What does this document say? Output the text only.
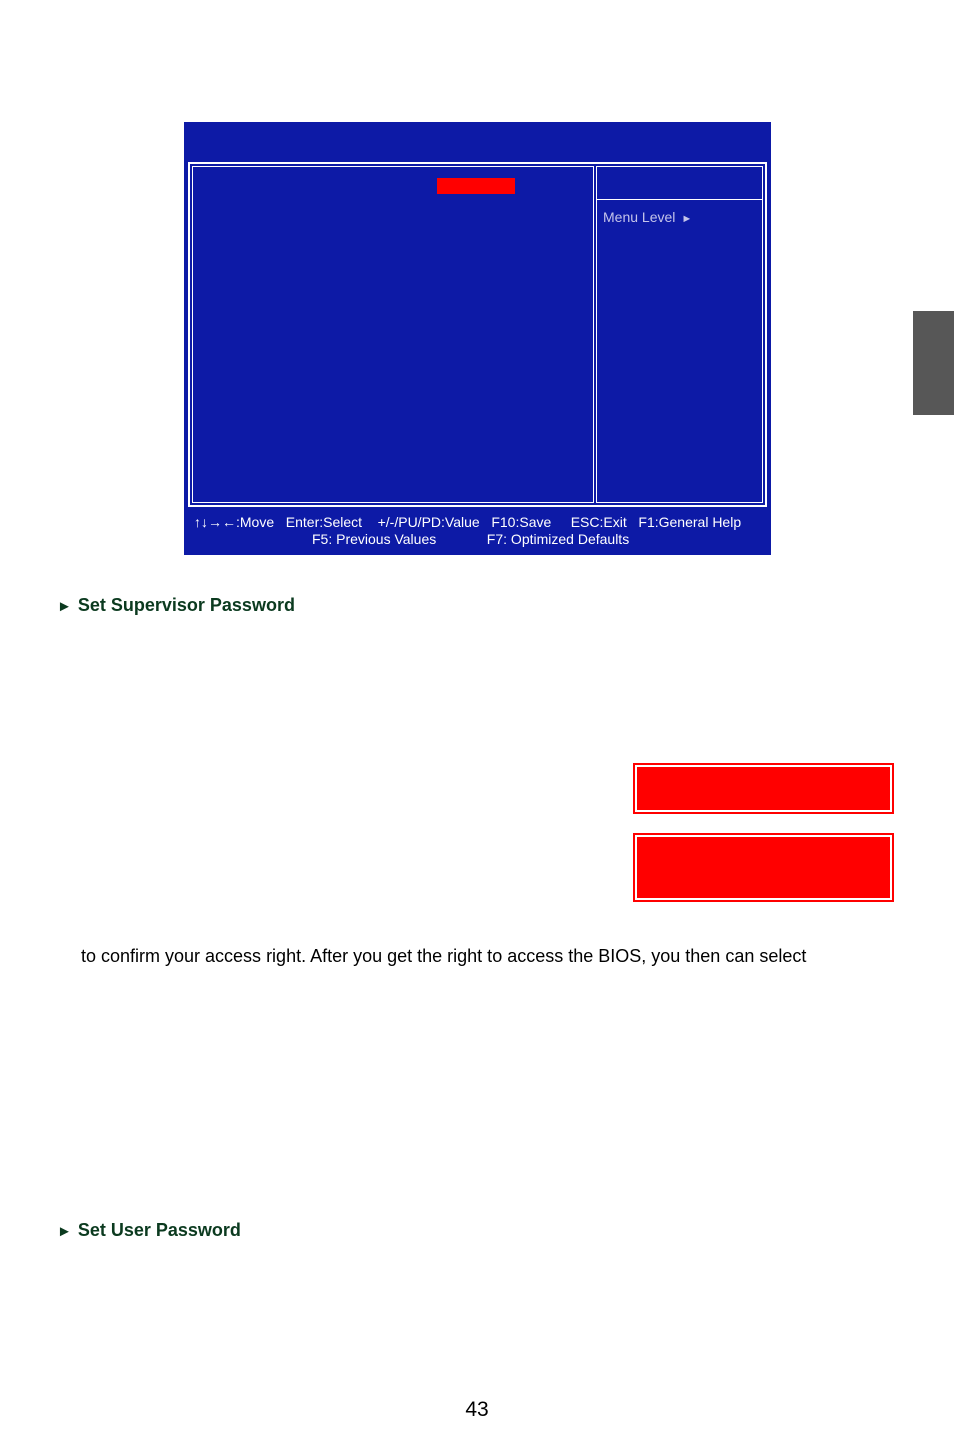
Menu Level ►
↑↓→←:Move   Enter:Select    +/-/PU/PD:Value   F10:Save     ESC:Exit   F1:General Help
F5: Previous Values             F7: Optimized Defaults
► Set Supervisor Password
to confirm your access right. After you get the right to access the BIOS, you then can select
► Set User Password
43
